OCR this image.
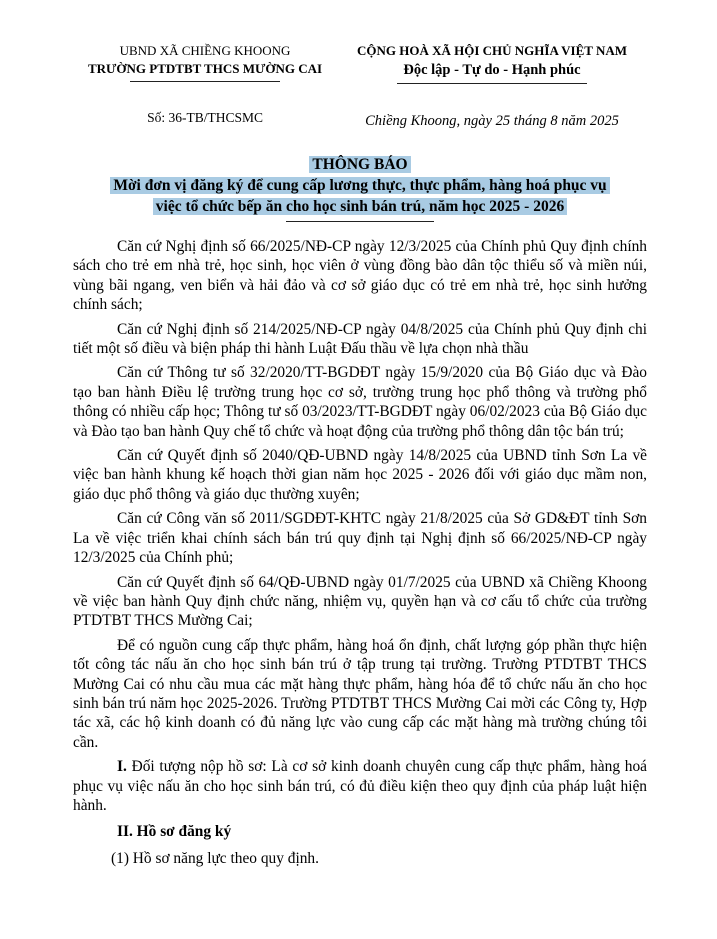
UBND XÃ CHIỀNG KHOONG
TRƯỜNG PTDTBT THCS MƯỜNG CAI
CỘNG HOÀ XÃ HỘI CHỦ NGHĨA VIỆT NAM
Độc lập - Tự do - Hạnh phúc
Số: 36-TB/THCSMC	Chiềng Khoong, ngày 25 tháng 8 năm 2025
THÔNG BÁO
Mời đơn vị đăng ký để cung cấp lương thực, thực phẩm, hàng hoá phục vụ
việc tổ chức bếp ăn cho học sinh bán trú, năm học 2025 - 2026

Căn cứ Nghị định số 66/2025/NĐ-CP ngày 12/3/2025 của Chính phủ Quy định chính sách cho trẻ em nhà trẻ, học sinh, học viên ở vùng đồng bào dân tộc thiểu số và miền núi, vùng bãi ngang, ven biển và hải đảo và cơ sở giáo dục có trẻ em nhà trẻ, học sinh hưởng chính sách;

Căn cứ Nghị định số 214/2025/NĐ-CP ngày 04/8/2025 của Chính phủ Quy định chi tiết một số điều và biện pháp thi hành Luật Đấu thầu về lựa chọn nhà thầu

Căn cứ Thông tư số 32/2020/TT-BGDĐT ngày 15/9/2020 của Bộ Giáo dục và Đào tạo ban hành Điều lệ trường trung học cơ sở, trường trung học phổ thông và trường phổ thông có nhiều cấp học; Thông tư số 03/2023/TT-BGDĐT ngày 06/02/2023 của Bộ Giáo dục và Đào tạo ban hành Quy chế tổ chức và hoạt động của trường phổ thông dân tộc bán trú;

Căn cứ Quyết định số 2040/QĐ-UBND ngày 14/8/2025 của UBND tỉnh Sơn La về việc ban hành khung kế hoạch thời gian năm học 2025 - 2026 đối với giáo dục mầm non, giáo dục phổ thông và giáo dục thường xuyên;

Căn cứ Công văn số 2011/SGDĐT-KHTC ngày 21/8/2025 của Sở GD&ĐT tỉnh Sơn La về việc triển khai chính sách bán trú quy định tại Nghị định số 66/2025/NĐ-CP ngày 12/3/2025 của Chính phủ;

Căn cứ Quyết định số 64/QĐ-UBND ngày 01/7/2025 của UBND xã Chiềng Khoong về việc ban hành Quy định chức năng, nhiệm vụ, quyền hạn và cơ cấu tổ chức của trường PTDTBT THCS Mường Cai;

Để có nguồn cung cấp thực phẩm, hàng hoá ổn định, chất lượng góp phần thực hiện tốt công tác nấu ăn cho học sinh bán trú ở tập trung tại trường. Trường PTDTBT THCS Mường Cai có nhu cầu mua các mặt hàng thực phẩm, hàng hóa để tổ chức nấu ăn cho học sinh bán trú năm học 2025-2026. Trường PTDTBT THCS Mường Cai mời các Công ty, Hợp tác xã, các hộ kinh doanh có đủ năng lực vào cung cấp các mặt hàng mà trường chúng tôi cần.

I. Đối tượng nộp hồ sơ: Là cơ sở kinh doanh chuyên cung cấp thực phẩm, hàng hoá phục vụ việc nấu ăn cho học sinh bán trú, có đủ điều kiện theo quy định của pháp luật hiện hành.

II. Hồ sơ đăng ký

(1) Hồ sơ năng lực theo quy định.
